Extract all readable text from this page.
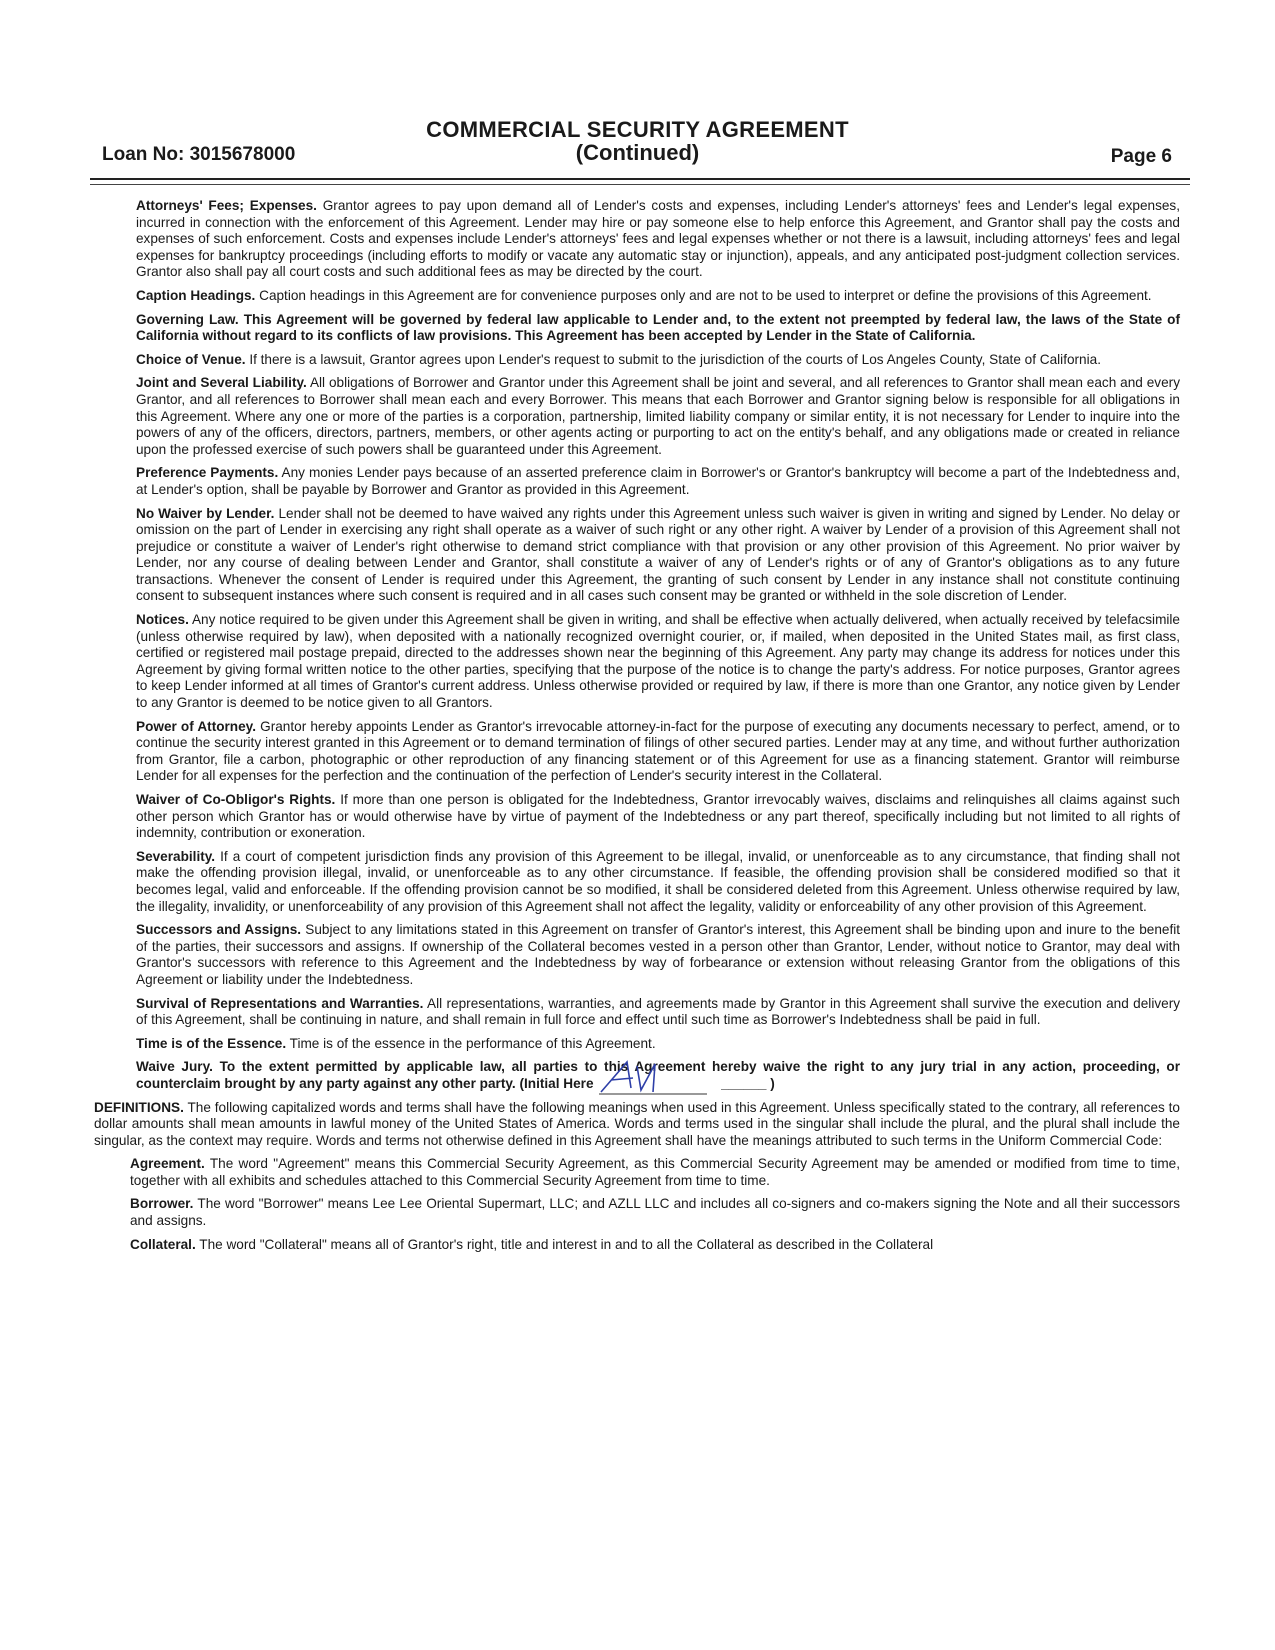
Loan No: 3015678000
COMMERCIAL SECURITY AGREEMENT
(Continued)	Page 6

Attorneys' Fees; Expenses. Grantor agrees to pay upon demand all of Lender's costs and expenses, including Lender's attorneys' fees and Lender's legal expenses, incurred in connection with the enforcement of this Agreement. Lender may hire or pay someone else to help enforce this Agreement, and Grantor shall pay the costs and expenses of such enforcement. Costs and expenses include Lender's attorneys' fees and legal expenses whether or not there is a lawsuit, including attorneys' fees and legal expenses for bankruptcy proceedings (including efforts to modify or vacate any automatic stay or injunction), appeals, and any anticipated post-judgment collection services. Grantor also shall pay all court costs and such additional fees as may be directed by the court.

Caption Headings. Caption headings in this Agreement are for convenience purposes only and are not to be used to interpret or define the provisions of this Agreement.

Governing Law. This Agreement will be governed by federal law applicable to Lender and, to the extent not preempted by federal law, the laws of the State of California without regard to its conflicts of law provisions. This Agreement has been accepted by Lender in the State of California.

Choice of Venue. If there is a lawsuit, Grantor agrees upon Lender's request to submit to the jurisdiction of the courts of Los Angeles County, State of California.

Joint and Several Liability. All obligations of Borrower and Grantor under this Agreement shall be joint and several, and all references to Grantor shall mean each and every Grantor, and all references to Borrower shall mean each and every Borrower. This means that each Borrower and Grantor signing below is responsible for all obligations in this Agreement. Where any one or more of the parties is a corporation, partnership, limited liability company or similar entity, it is not necessary for Lender to inquire into the powers of any of the officers, directors, partners, members, or other agents acting or purporting to act on the entity's behalf, and any obligations made or created in reliance upon the professed exercise of such powers shall be guaranteed under this Agreement.

Preference Payments. Any monies Lender pays because of an asserted preference claim in Borrower's or Grantor's bankruptcy will become a part of the Indebtedness and, at Lender's option, shall be payable by Borrower and Grantor as provided in this Agreement.

No Waiver by Lender. Lender shall not be deemed to have waived any rights under this Agreement unless such waiver is given in writing and signed by Lender. No delay or omission on the part of Lender in exercising any right shall operate as a waiver of such right or any other right. A waiver by Lender of a provision of this Agreement shall not prejudice or constitute a waiver of Lender's right otherwise to demand strict compliance with that provision or any other provision of this Agreement. No prior waiver by Lender, nor any course of dealing between Lender and Grantor, shall constitute a waiver of any of Lender's rights or of any of Grantor's obligations as to any future transactions. Whenever the consent of Lender is required under this Agreement, the granting of such consent by Lender in any instance shall not constitute continuing consent to subsequent instances where such consent is required and in all cases such consent may be granted or withheld in the sole discretion of Lender.

Notices. Any notice required to be given under this Agreement shall be given in writing, and shall be effective when actually delivered, when actually received by telefacsimile (unless otherwise required by law), when deposited with a nationally recognized overnight courier, or, if mailed, when deposited in the United States mail, as first class, certified or registered mail postage prepaid, directed to the addresses shown near the beginning of this Agreement. Any party may change its address for notices under this Agreement by giving formal written notice to the other parties, specifying that the purpose of the notice is to change the party's address. For notice purposes, Grantor agrees to keep Lender informed at all times of Grantor's current address. Unless otherwise provided or required by law, if there is more than one Grantor, any notice given by Lender to any Grantor is deemed to be notice given to all Grantors.

Power of Attorney. Grantor hereby appoints Lender as Grantor's irrevocable attorney-in-fact for the purpose of executing any documents necessary to perfect, amend, or to continue the security interest granted in this Agreement or to demand termination of filings of other secured parties. Lender may at any time, and without further authorization from Grantor, file a carbon, photographic or other reproduction of any financing statement or of this Agreement for use as a financing statement. Grantor will reimburse Lender for all expenses for the perfection and the continuation of the perfection of Lender's security interest in the Collateral.

Waiver of Co-Obligor's Rights. If more than one person is obligated for the Indebtedness, Grantor irrevocably waives, disclaims and relinquishes all claims against such other person which Grantor has or would otherwise have by virtue of payment of the Indebtedness or any part thereof, specifically including but not limited to all rights of indemnity, contribution or exoneration.

Severability. If a court of competent jurisdiction finds any provision of this Agreement to be illegal, invalid, or unenforceable as to any circumstance, that finding shall not make the offending provision illegal, invalid, or unenforceable as to any other circumstance. If feasible, the offending provision shall be considered modified so that it becomes legal, valid and enforceable. If the offending provision cannot be so modified, it shall be considered deleted from this Agreement. Unless otherwise required by law, the illegality, invalidity, or unenforceability of any provision of this Agreement shall not affect the legality, validity or enforceability of any other provision of this Agreement.

Successors and Assigns. Subject to any limitations stated in this Agreement on transfer of Grantor's interest, this Agreement shall be binding upon and inure to the benefit of the parties, their successors and assigns. If ownership of the Collateral becomes vested in a person other than Grantor, Lender, without notice to Grantor, may deal with Grantor's successors with reference to this Agreement and the Indebtedness by way of forbearance or extension without releasing Grantor from the obligations of this Agreement or liability under the Indebtedness.

Survival of Representations and Warranties. All representations, warranties, and agreements made by Grantor in this Agreement shall survive the execution and delivery of this Agreement, shall be continuing in nature, and shall remain in full force and effect until such time as Borrower's Indebtedness shall be paid in full.

Time is of the Essence. Time is of the essence in the performance of this Agreement.

Waive Jury. To the extent permitted by applicable law, all parties to this Agreement hereby waive the right to any jury trial in any action, proceeding, or counterclaim brought by any party against any other party. (Initial Here	______ )

DEFINITIONS. The following capitalized words and terms shall have the following meanings when used in this Agreement. Unless specifically stated to the contrary, all references to dollar amounts shall mean amounts in lawful money of the United States of America. Words and terms used in the singular shall include the plural, and the plural shall include the singular, as the context may require. Words and terms not otherwise defined in this Agreement shall have the meanings attributed to such terms in the Uniform Commercial Code:

Agreement. The word "Agreement" means this Commercial Security Agreement, as this Commercial Security Agreement may be amended or modified from time to time, together with all exhibits and schedules attached to this Commercial Security Agreement from time to time.

Borrower. The word "Borrower" means Lee Lee Oriental Supermart, LLC; and AZLL LLC and includes all co-signers and co-makers signing the Note and all their successors and assigns.

Collateral. The word "Collateral" means all of Grantor's right, title and interest in and to all the Collateral as described in the Collateral
